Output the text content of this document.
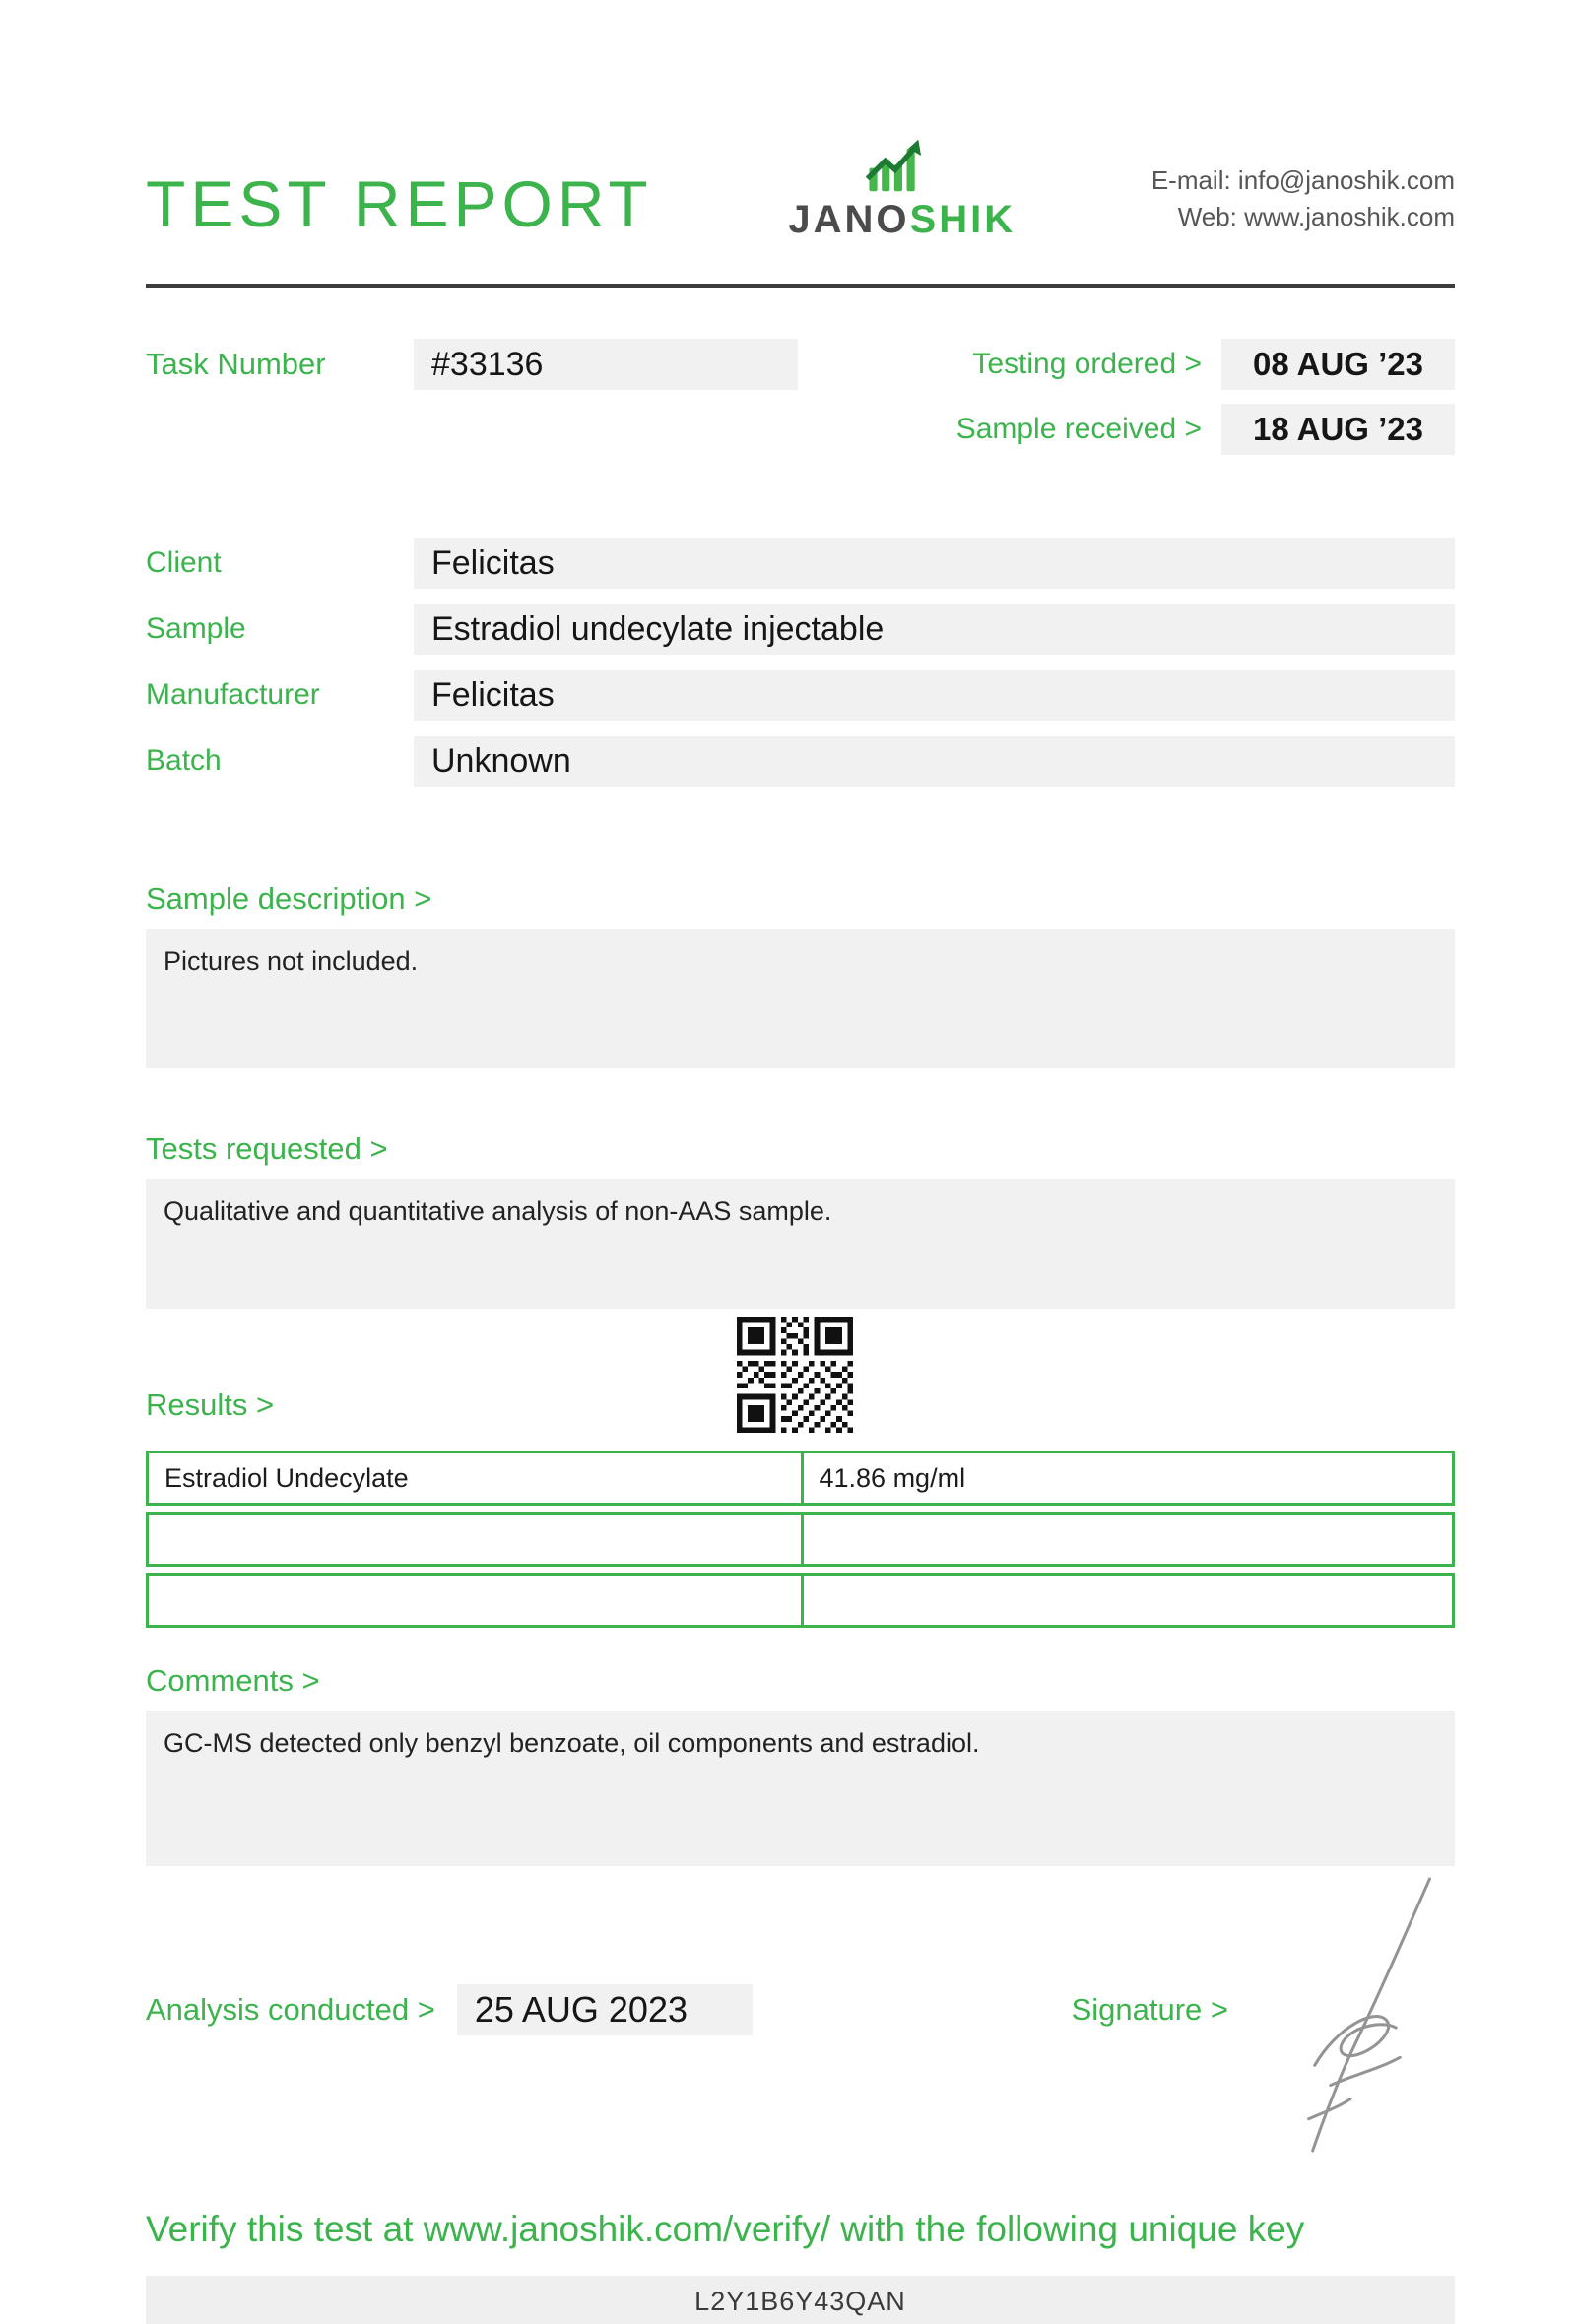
TEST REPORT	JANOSHIK
E-mail: info@janoshik.com
Web: www.janoshik.com
Task Number	#33136	Testing ordered >	08 AUG ’23
Sample received >	18 AUG ’23
Client	Felicitas
Sample	Estradiol undecylate injectable
Manufacturer	Felicitas
Batch	Unknown
Sample description >
Pictures not included.
Tests requested >
Qualitative and quantitative analysis of non-AAS sample.
Results >
Estradiol Undecylate	41.86 mg/ml
Comments >
GC-MS detected only benzyl benzoate, oil components and estradiol.
Analysis conducted >	25 AUG 2023	Signature >
Verify this test at www.janoshik.com/verify/ with the following unique key
L2Y1B6Y43QAN
